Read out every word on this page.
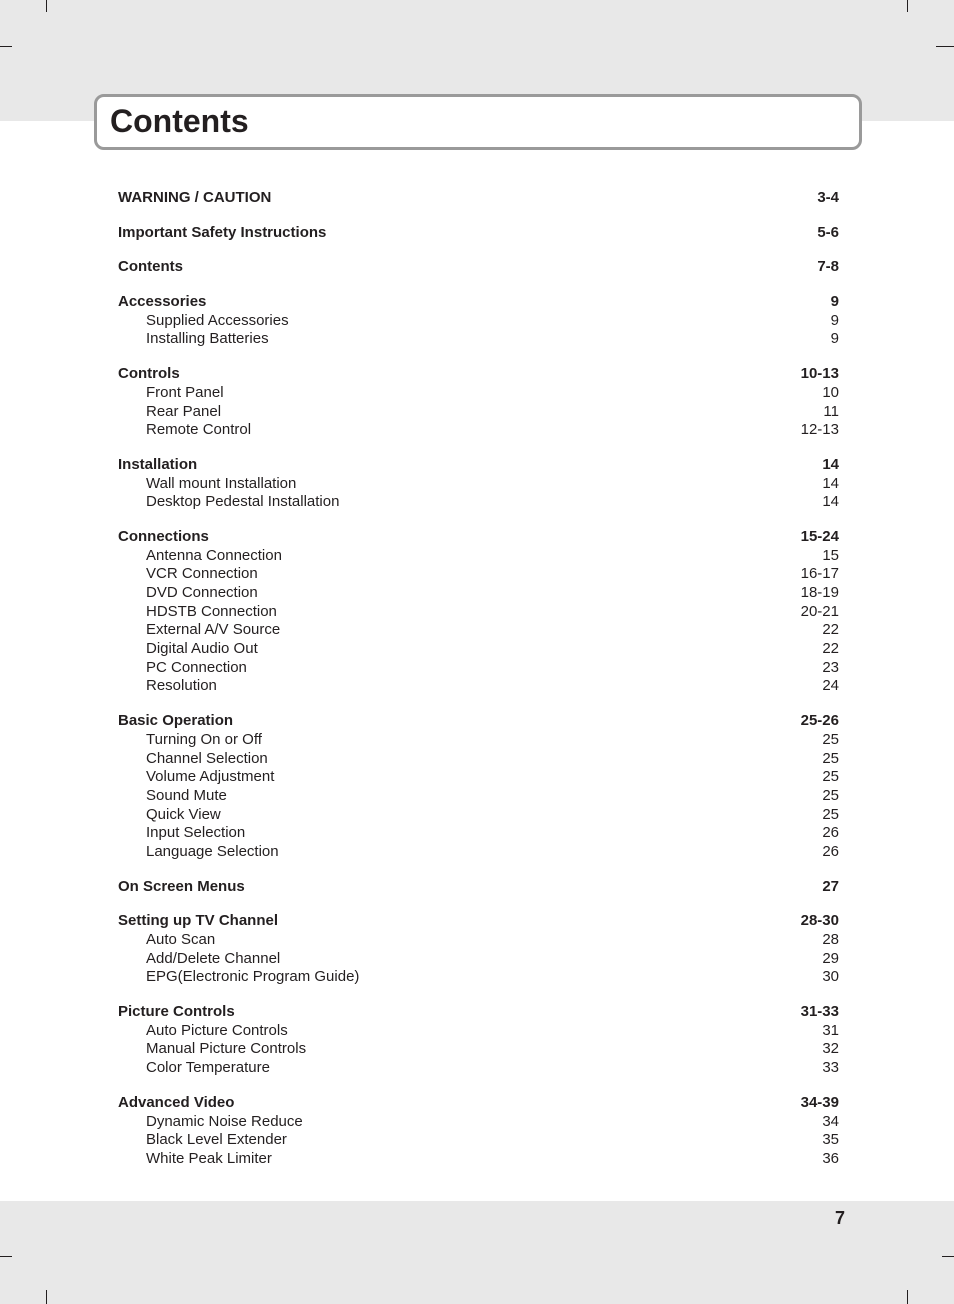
Contents
WARNING / CAUTION	3-4
Important Safety Instructions	5-6
Contents	7-8
Accessories	9
Supplied Accessories	9
Installing Batteries	9
Controls	10-13
Front Panel	10
Rear Panel	11
Remote Control	12-13
Installation	14
Wall mount Installation	14
Desktop Pedestal Installation	14
Connections	15-24
Antenna Connection	15
VCR Connection	16-17
DVD Connection	18-19
HDSTB Connection	20-21
External A/V Source	22
Digital Audio Out	22
PC Connection	23
Resolution	24
Basic Operation	25-26
Turning On or Off	25
Channel Selection	25
Volume Adjustment	25
Sound Mute	25
Quick View	25
Input Selection	26
Language Selection	26
On Screen Menus	27
Setting up TV Channel	28-30
Auto Scan	28
Add/Delete Channel	29
EPG(Electronic Program Guide)	30
Picture Controls	31-33
Auto Picture Controls	31
Manual Picture Controls	32
Color Temperature	33
Advanced Video	34-39
Dynamic Noise Reduce	34
Black Level Extender	35
White Peak Limiter	36
7
